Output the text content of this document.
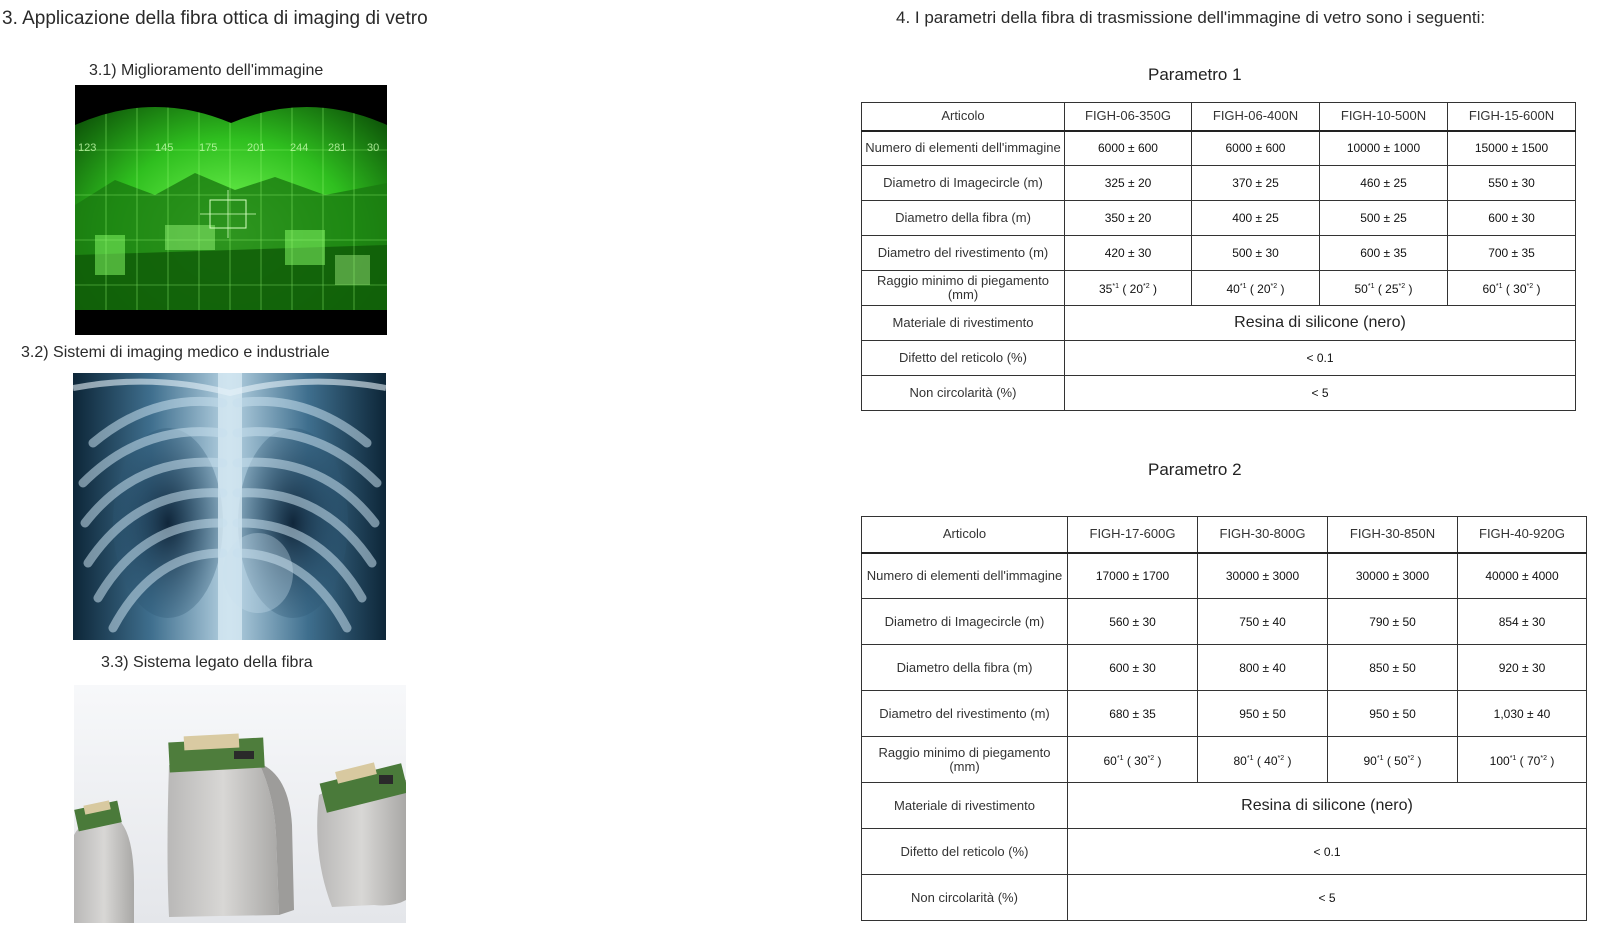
3. Applicazione della fibra ottica di imaging di vetro
3.1) Miglioramento dell'immagine
123	145 175	201 244 281 30
3.2) Sistemi di imaging medico e industriale
3.3) Sistema legato della fibra
4. I parametri della fibra di trasmissione dell'immagine di vetro sono i seguenti:
Parametro 1
Articolo	FIGH-06-350G	FIGH-06-400N	FIGH-10-500N	FIGH-15-600N
Numero di elementi dell'immagine	6000 ± 600	6000 ± 600	10000 ± 1000	15000 ± 1500
Diametro di Imagecircle (m)	325 ± 20	370 ± 25	460 ± 25	550 ± 30
Diametro della fibra (m)	350 ± 20	400 ± 25	500 ± 25	600 ± 30
Diametro del rivestimento (m)	420 ± 30	500 ± 30	600 ± 35	700 ± 35
Raggio minimo di piegamento (mm)	35$^{*1}$ ( 20$^{*2}$ )	40$^{*1}$ ( 20$^{*2}$ )	50$^{*1}$ ( 25$^{*2}$ )	60$^{*1}$ ( 30$^{*2}$ )
Materiale di rivestimento	Resina di silicone (nero)			
Difetto del reticolo (%)	< 0.1			
Non circolarità (%)	< 5			
Parametro 2
Articolo	FIGH-17-600G	FIGH-30-800G	FIGH-30-850N	FIGH-40-920G
Numero di elementi dell'immagine	17000 ± 1700	30000 ± 3000	30000 ± 3000	40000 ± 4000
Diametro di Imagecircle (m)	560 ± 30	750 ± 40	790 ± 50	854 ± 30
Diametro della fibra (m)	600 ± 30	800 ± 40	850 ± 50	920 ± 30
Diametro del rivestimento (m)	680 ± 35	950 ± 50	950 ± 50	1,030 ± 40
Raggio minimo di piegamento (mm)	60$^{*1}$ ( 30$^{*2}$ )	80$^{*1}$ ( 40$^{*2}$ )	90$^{*1}$ ( 50$^{*2}$ )	100$^{*1}$ ( 70$^{*2}$ )
Materiale di rivestimento	Resina di silicone (nero)			
Difetto del reticolo (%)	< 0.1			
Non circolarità (%)	< 5			
